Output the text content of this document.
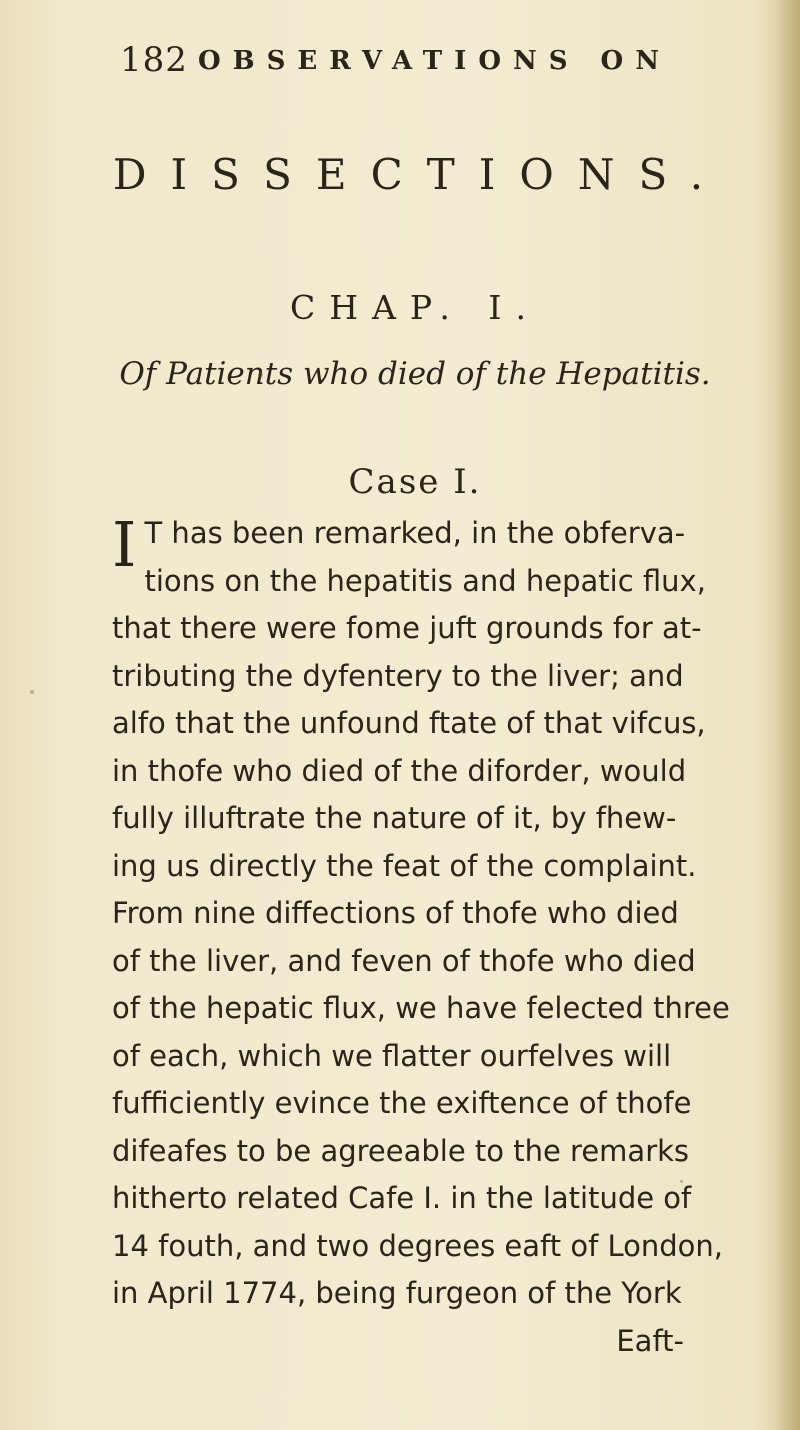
182 OBSERVATIONS ON
DISSECTIONS.
CHAP. I.
Of Patients who died of the Hepatitis.
Case I.
I T has been remarked, in the obferva-
tions on the hepatitis and hepatic flux,
that there were fome juft grounds for at-
tributing the dyfentery to the liver; and
alfo that the unfound ftate of that vifcus,
in thofe who died of the diforder, would
fully illuftrate the nature of it, by fhew-
ing us directly the feat of the complaint.
From nine diffections of thofe who died
of the liver, and feven of thofe who died
of the hepatic flux, we have felected three
of each, which we flatter ourfelves will
fufficiently evince the exiftence of thofe
difeafes to be agreeable to the remarks
hitherto related Cafe I. in the latitude of
14 fouth, and two degrees eaft of London,
in April 1774, being furgeon of the York
Eaft-
